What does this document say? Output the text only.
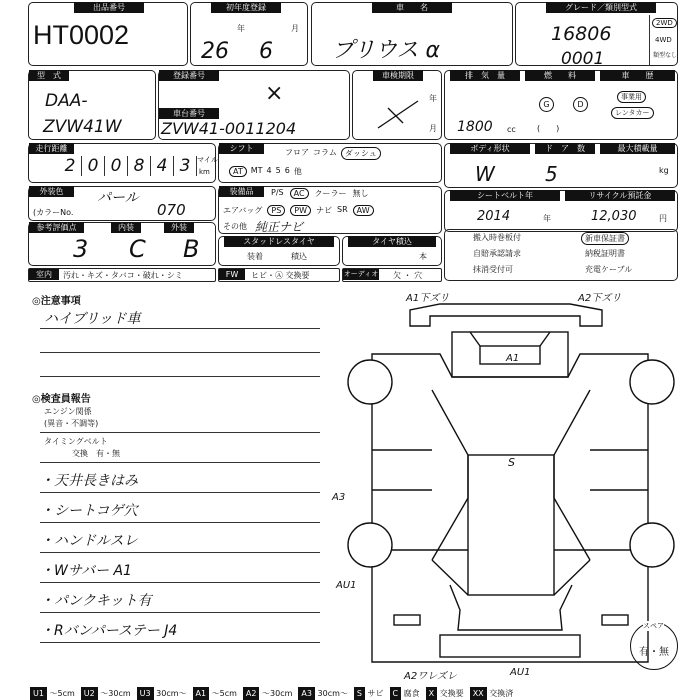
出品番号
HT0002
初年度登録
年	月
26 6
車　　名
プリウス α
グレード／類別型式
16806
0001
2WD
4WD
類型なし
型　式
DAA-
ZVW41W
登録番号
×
車台番号
ZVW41-0011204
車検期限
年
月
排　気　量	燃　　料	車　　歴
1800 cc
G	D
(　　)
事業用
レンタカー
走行距離
2 0 0 8 4 3 マイル
km
シフト	フロア コラム	ダッシュ
AT	MT 4 5 6 他
ボディ形状	ド　ア　数	最大積載量
W	5	kg
外装色	パール
(カラーNo.	070
装備品	P/S	AC	クーラー 無し
エアバッグ	PS	PW	ナビ SR	AW
その他 純正ナビ
シートベルト年	リサイクル預託金
2014	年	12,030	円
参考評価点	内装	外装
3 C B	スタッドレスタイヤ
装着	積込
タイヤ積込
本
搬入時巻板付
自賠承認請求
抹消受付可
新車保証書
納税証明書
充電ケーブル
室内	汚れ・キズ・タバコ・破れ・シミ	FW	ヒビ・Ⓐ 交換要	オーディオ 欠 ・ 穴
◎注意事項
ハイブリッド車
◎検査員報告
エンジン関係
(異音・不調等)
タイミングベルト
交換　有・無
・天井長きはみ
・シートコゲ穴
・ハンドルスレ
・Wサバー A1
・パンクキット有
・Rバンパーステー J4
A1下ズリ	A2下ズリ
A1
S
A3
AU1
A2ワレズレ	AU1
スペア
有・無
U1 ～5cm	U2 ～30cm	U3 30cm～	A1 ～5cm	A2 ～30cm	A3 30cm～	S サビ	C 腐食	X 交換要	XX 交換済
